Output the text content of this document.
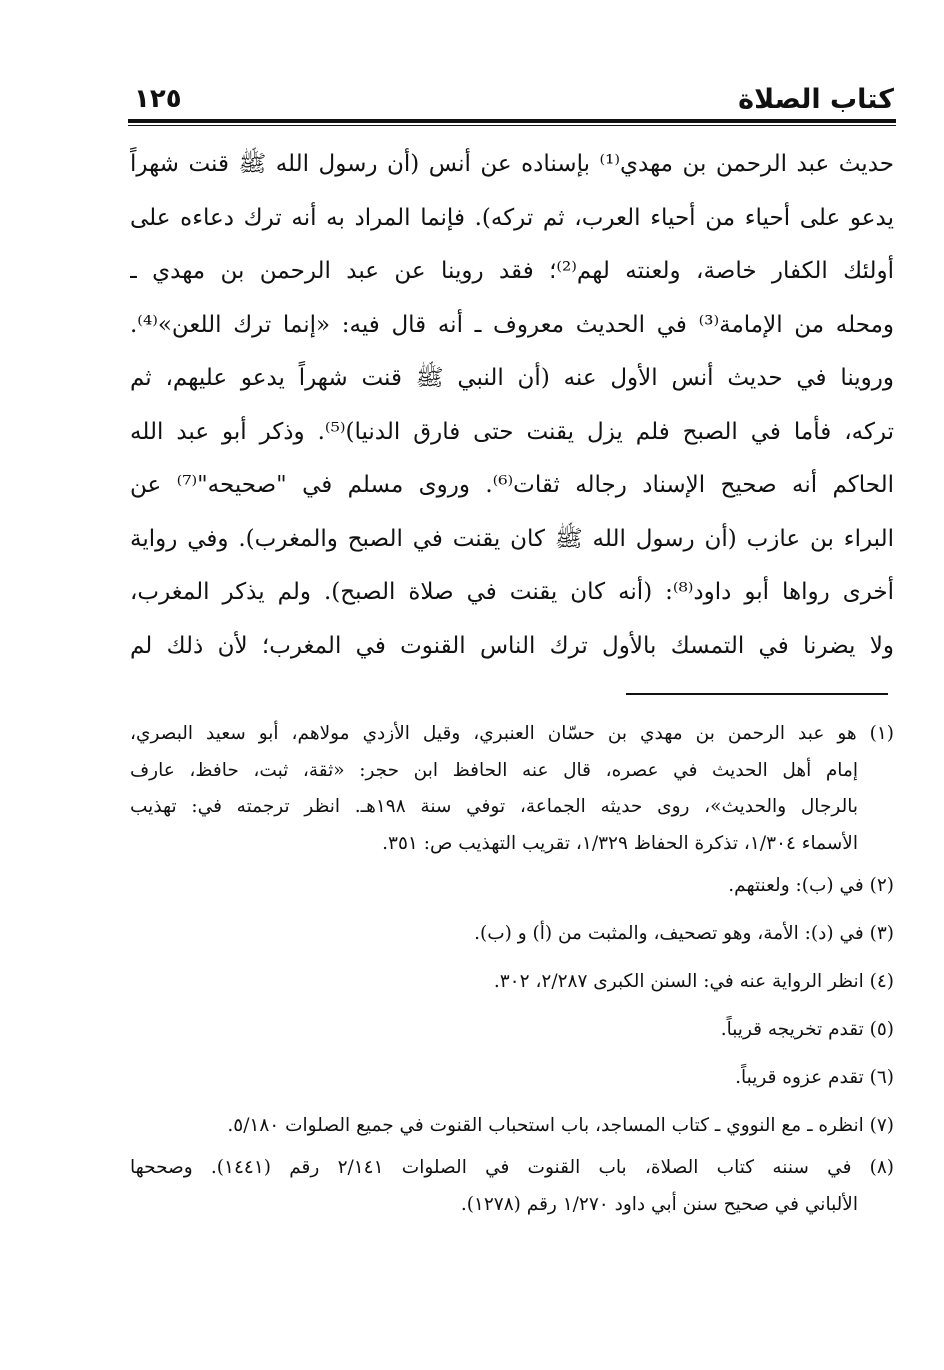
كتاب الصلاة
١٢٥
حديث عبد الرحمن بن مهدي⁽¹⁾ بإسناده عن أنس (أن رسول الله ﷺ قنت شهراً
يدعو على أحياء من أحياء العرب، ثم تركه). فإنما المراد به أنه ترك دعاءه على
أولئك الكفار خاصة، ولعنته لهم⁽²⁾؛ فقد روينا عن عبد الرحمن بن مهدي ـ
ومحله من الإمامة⁽³⁾ في الحديث معروف ـ أنه قال فيه: «إنما ترك اللعن»⁽⁴⁾.
وروينا في حديث أنس الأول عنه (أن النبي ﷺ قنت شهراً يدعو عليهم، ثم
تركه، فأما في الصبح فلم يزل يقنت حتى فارق الدنيا)⁽⁵⁾. وذكر أبو عبد الله
الحاكم أنه صحيح الإسناد رجاله ثقات⁽⁶⁾. وروى مسلم في "صحيحه"⁽⁷⁾ عن
البراء بن عازب (أن رسول الله ﷺ كان يقنت في الصبح والمغرب). وفي رواية
أخرى رواها أبو داود⁽⁸⁾: (أنه كان يقنت في صلاة الصبح). ولم يذكر المغرب،
ولا يضرنا في التمسك بالأول ترك الناس القنوت في المغرب؛ لأن ذلك لم
(١) هو عبد الرحمن بن مهدي بن حسّان العنبري، وقيل الأزدي مولاهم، أبو سعيد البصري،
إمام أهل الحديث في عصره، قال عنه الحافظ ابن حجر: «ثقة، ثبت، حافظ، عارف
بالرجال والحديث»، روى حديثه الجماعة، توفي سنة ١٩٨هـ. انظر ترجمته في: تهذيب
الأسماء ١/٣٠٤، تذكرة الحفاظ ١/٣٢٩، تقريب التهذيب ص: ٣٥١.
(٢) في (ب): ولعنتهم.
(٣) في (د): الأمة، وهو تصحيف، والمثبت من (أ) و (ب).
(٤) انظر الرواية عنه في: السنن الكبرى ٢/٢٨٧، ٣٠٢.
(٥) تقدم تخريجه قريباً.
(٦) تقدم عزوه قريباً.
(٧) انظره ـ مع النووي ـ كتاب المساجد، باب استحباب القنوت في جميع الصلوات ٥/١٨٠.
(٨) في سننه كتاب الصلاة، باب القنوت في الصلوات ٢/١٤١ رقم (١٤٤١). وصححها
الألباني في صحيح سنن أبي داود ١/٢٧٠ رقم (١٢٧٨).
